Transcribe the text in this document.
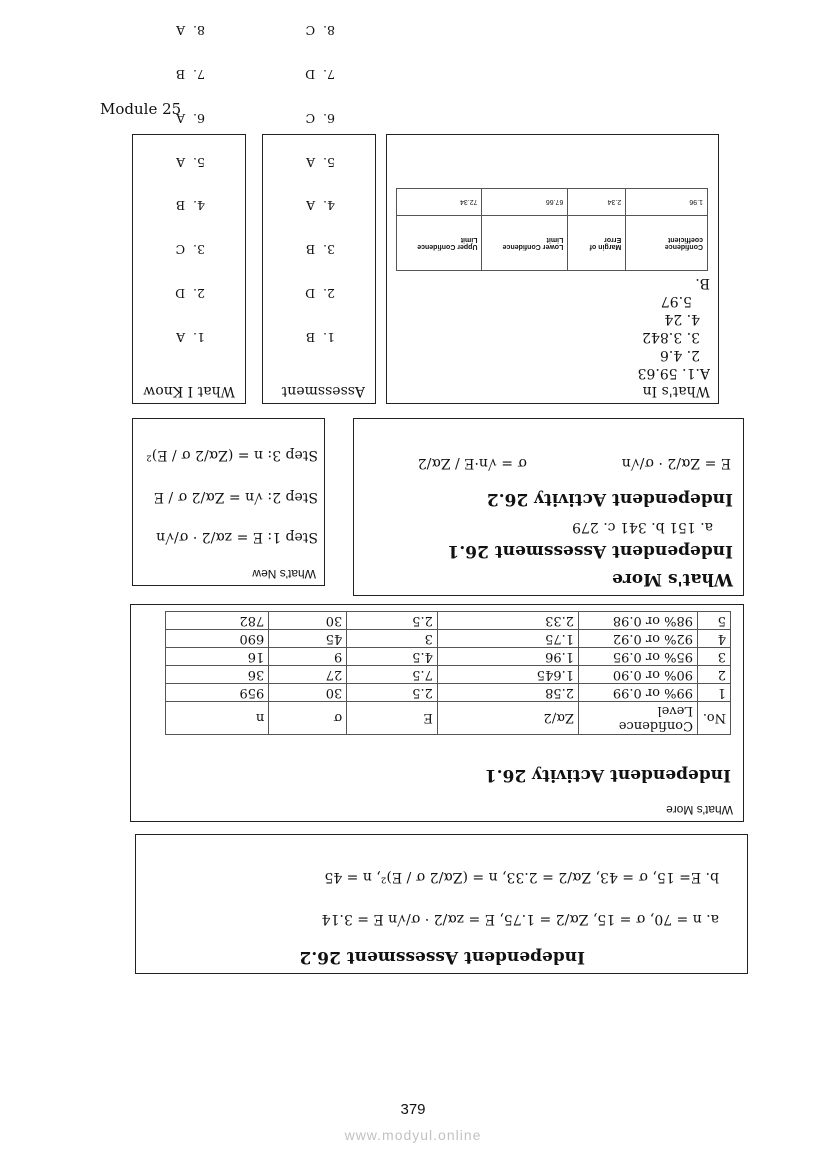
Module 25
Independent Assessment 26.2
a. n = 70, σ = 15, Zα/2 = 1.75, E = zα/2 · σ/√n E = 3.14
b. E= 15, σ = 43, Zα/2 = 2.33, n = (Zα/2 σ / E)², n = 45
What's More
Independent Activity 26.1
No.	Confidence Level	Zα/2	E	σ	n
1	99% or 0.99	2.58	2.5	30	959
2	90% or 0.90	1.645	7.5	27	36
3	95% or 0.95	1.96	4.5	9	16
4	92% or 0.92	1.75	3	45	690
5	98% or 0.98	2.33	2.5	30	782
What's More
Independent Assessment 26.1
a. 151 b. 341 c. 279
Independent Activity 26.2
E = Zα/2 · σ/√n
σ = √n·E / Zα/2
What's New
Step 1: E = zα/2 · σ/√n
Step 2: √n = Zα/2 σ / E
Step 3: n = (Zα/2 σ / E)²
What's In
A.1. 59.63
2. 4.6
3. 3.842
4. 24
5.97
B.
Confidence coefficient	Margin of Error	Lower Confidence Limit	Upper Confidence Limit
1.96	2.34	67.66	72.34
Assessment

1.  B

2.  D

3.  B

4.  A

5.  A

6.  C

7.  D

8.  C

What I Know

1.  A

2.  D

3.  C

4.  B

5.  A

6.  A

7.  B

8.  A

379
www.modyul.online
